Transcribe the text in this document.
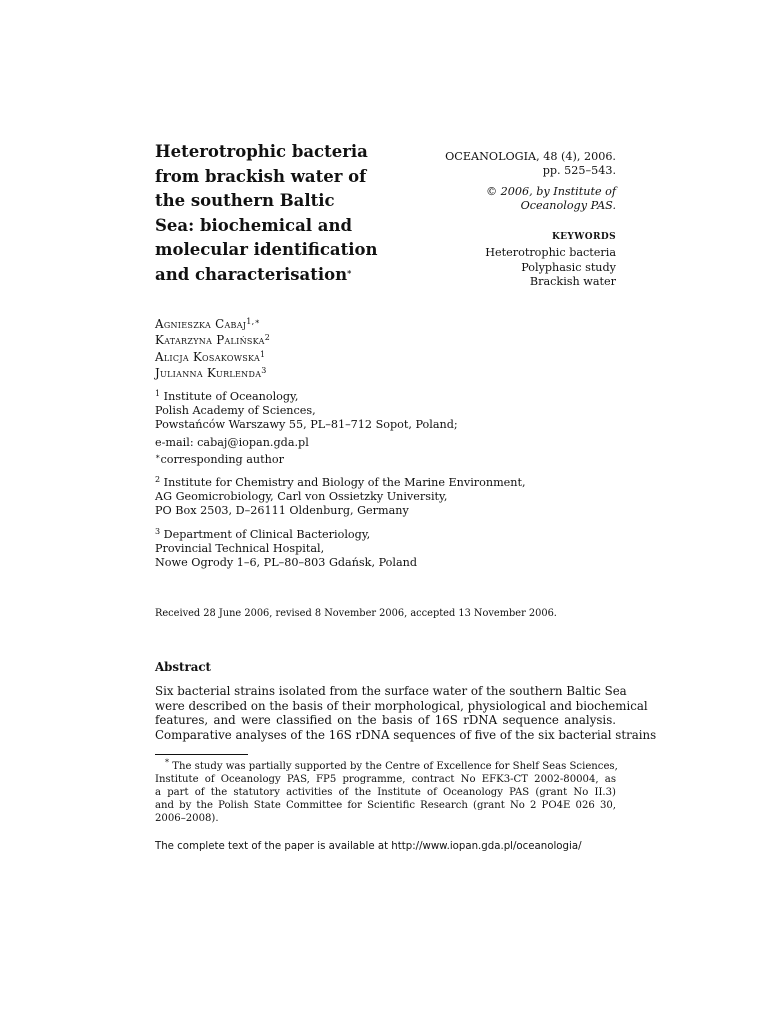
Heterotrophic bacteria
from brackish water of
the southern Baltic
Sea: biochemical and
molecular identification
and characterisation*
OCEANOLOGIA, 48 (4), 2006.
pp. 525–543.
© 2006, by Institute of
Oceanology PAS.
KEYWORDS
Heterotrophic bacteria
Polyphasic study
Brackish water
Agnieszka Cabaj$^{1,∗}$
Katarzyna Palińska$^2$
Alicja Kosakowska$^1$
Julianna Kurlenda$^3$
$^1$ Institute of Oceanology,
Polish Academy of Sciences,
Powstańców Warszawy 55, PL–81–712 Sopot, Poland;
e-mail: cabaj@iopan.gda.pl
∗corresponding author
$^2$ Institute for Chemistry and Biology of the Marine Environment,
AG Geomicrobiology, Carl von Ossietzky University,
PO Box 2503, D–26111 Oldenburg, Germany
$^3$ Department of Clinical Bacteriology,
Provincial Technical Hospital,
Nowe Ogrody 1–6, PL–80–803 Gdańsk, Poland
Received 28 June 2006, revised 8 November 2006, accepted 13 November 2006.
Abstract
Six bacterial strains isolated from the surface water of the southern Baltic Sea
were described on the basis of their morphological, physiological and biochemical
features, and were classified on the basis of 16S rDNA sequence analysis.
Comparative analyses of the 16S rDNA sequences of five of the six bacterial strains
* The study was partially supported by the Centre of Excellence for Shelf Seas Sciences,
Institute of Oceanology PAS, FP5 programme, contract No EFK3-CT 2002-80004, as
a part of the statutory activities of the Institute of Oceanology PAS (grant No II.3)
and by the Polish State Committee for Scientific Research (grant No 2 PO4E 026 30,
2006–2008).
The complete text of the paper is available at http://www.iopan.gda.pl/oceanologia/
